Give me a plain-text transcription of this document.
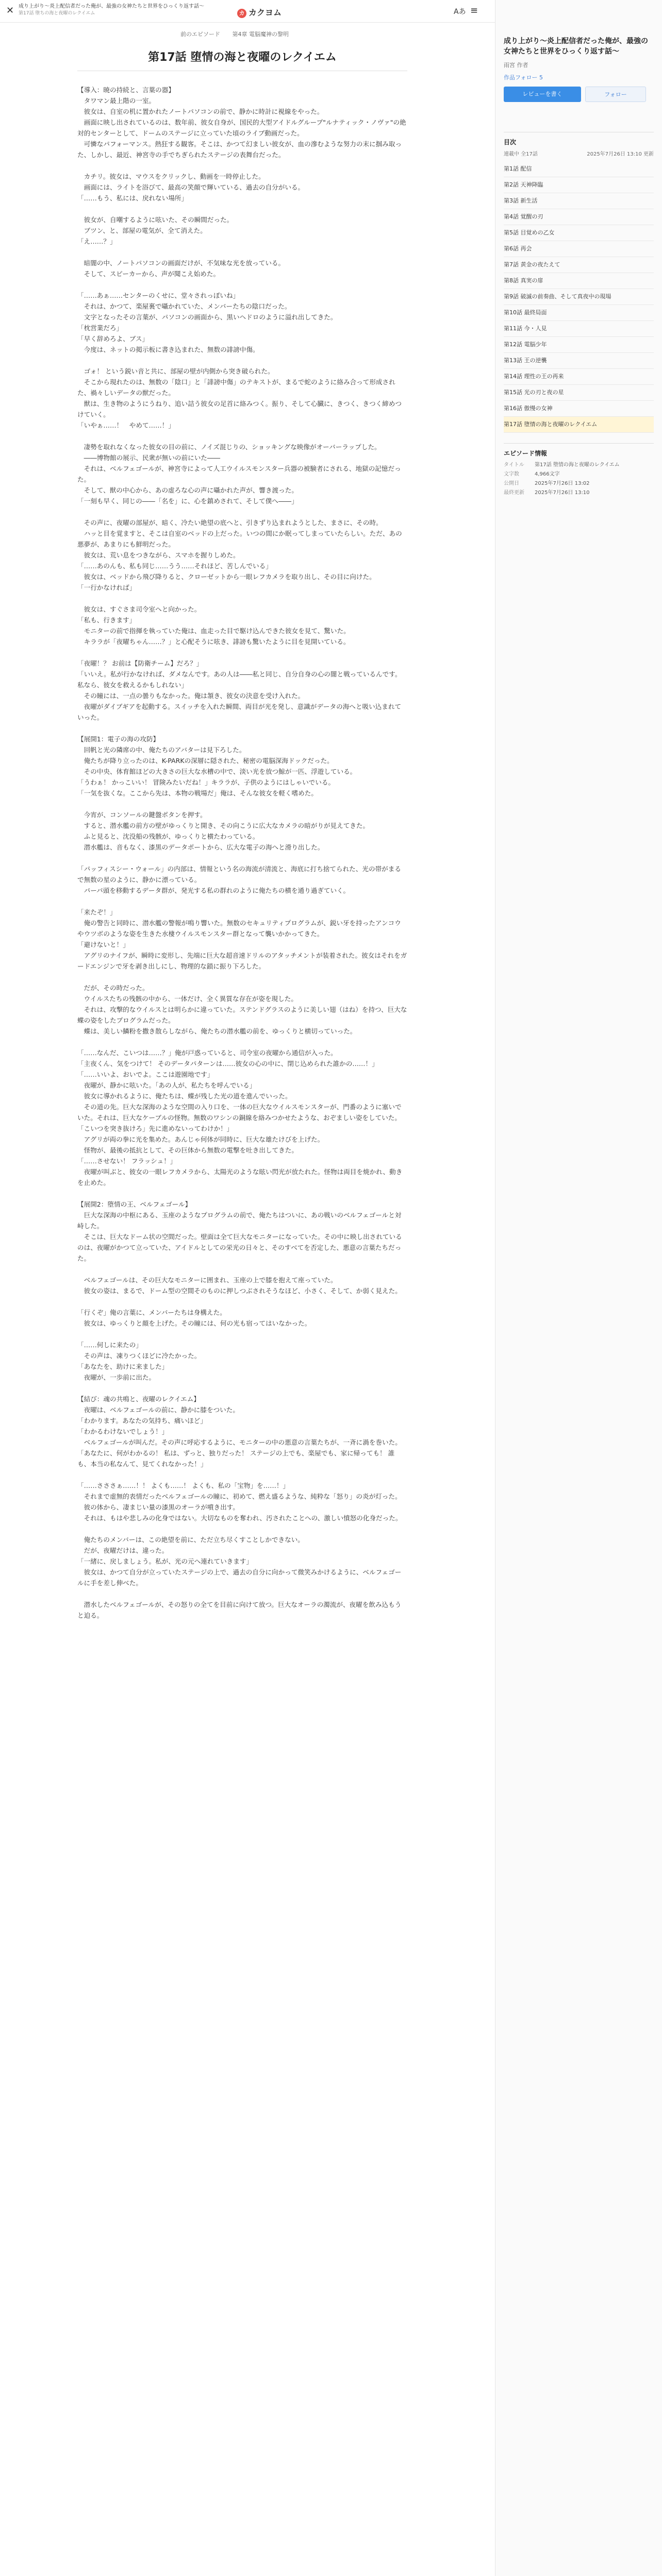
✕ 成り上がり〜炎上配信者だった俺が、最強の女神たちと世界をひっくり返す話〜
第17話 堕ちの海と夜曜のレクイエム	カ カクヨム	Aあ ≡
前のエピソード 第4章 電脳魔神の黎明
第17話 堕情の海と夜曜のレクイエム

【導入：暁の持続と、言葉の器】

　タワマン最上階の一室。

　彼女は、自室の机に置かれたノートパソコンの前で、静かに時計に視線をやった。

　画面に映し出されているのは、数年前、彼女自身が、国民的大型アイドルグループ"ルナティック・ノヴァ"の絶対的センターとして、ドームのステージに立っていた頃のライブ動画だった。

　可憐なパフォーマンス。熱狂する観客。そこは、かつて幻ましい彼女が、血の滲むような努力の末に掴み取った、しかし、最近、神宮寺の手でちぎられたステージの表舞台だった。

　カチリ。彼女は、マウスをクリックし、動画を一時停止した。

　画面には、ライトを浴びて、最高の笑顔で輝いている、過去の自分がいる。

「……もう、私には、戻れない場所」

　彼女が、自嘲するように呟いた、その瞬間だった。

　ブツン、と、部屋の電気が、全て消えた。

「え……？」

　暗闇の中、ノートパソコンの画面だけが、不気味な光を放っている。

　そして、スピーカーから、声が聞こえ始めた。

「……あぁ……センターのくせに、堂々されっぽいね」

　それは、かつて、楽屋裏で囁かれていた、メンバーたちの陰口だった。

　文字となったその言葉が、パソコンの画面から、黒いヘドロのように溢れ出してきた。

「枕営業だろ」

「早く辞めろよ、ブス」

　今度は、ネットの掲示板に書き込まれた、無数の誹謗中傷。

　ゴォ！ という鋭い音と共に、部屋の壁が内側から突き破られた。

　そこから現れたのは、無数の「陰口」と「誹謗中傷」のテキストが、まるで蛇のように絡み合って形成された、禍々しいデータの獣だった。

　獣は、生き物のようにうねり、追い詰う彼女の足首に絡みつく。振り、そして心臓に、きつく、きつく締めつけていく。

「いやぁ……！　やめて……！」

　凄勢を取れなくなった彼女の目の前に、ノイズ混じりの、ショッキングな映像がオーバーラップした。

　――博物館の展示、民衆が無いの前にいた――

　それは、ベルフェゴールが、神宮寺によって人工ウイルスモンスター兵器の被験者にされる、地獄の記憶だった。

　そして、獣の中心から、あの虚ろな心の声に囁かれた声が、響き渡った。

「一刻も早く、同じの――「名を」に、心を鎮めされて、そして僕へ――」

　その声に、夜曜の部屋が、暗く、冷たい絶望の底へと、引きずり込まれようとした、まさに、その時。

　ハッと目を覚ますと、そこは自室のベッドの上だった。いつの間にか眠ってしまっていたらしい。ただ、あの悪夢が、あまりにも鮮明だった。

　彼女は、荒い息をつきながら、スマホを握りしめた。

「……あのんも、私も同じ……うう……それほど、苦しんでいる」

　彼女は、ベッドから飛び降りると、クローゼットから一眼レフカメラを取り出し、その目に向けた。

「一行かなければ」

　彼女は、すぐさま司令室へと向かった。

「私も、行きます」

　モニターの前で指揮を執っていた俺は、血走った目で駆け込んできた彼女を見て、驚いた。

　キララが「夜曜ちゃん……？」と心配そうに呟き、誹謗も驚いたように目を見開いている。

「夜曜！？ お前は【防衛チーム】だろ？」

「いいえ。私が行かなければ、ダメなんです。あの人は――私と同じ、自分自身の心の闇と戦っているんです。私なら、彼女を救えるかもしれない」

　その瞳には、一点の曇りもなかった。俺は頷き、彼女の決意を受け入れた。

　夜曜がダイブギアを起動する。スイッチを入れた瞬間、両目が光を発し、意識がデータの海へと吸い込まれていった。

【展開1：電子の海の攻防】

　回帆と光の隣席の中、俺たちのアバターは見下ろした。

　俺たちが降り立ったのは、K-PARKの深層に隠された、秘密の電脳深海ドックだった。

　その中央、体育館ほどの大きさの巨大な水槽の中で、淡い光を放つ鯨が一匹、浮遊している。

「うわぁ！ かっこいい！ 冒険みたいだね！」キララが、子供のようにはしゃいでいる。

「一気を抜くな。ここから先は、本物の戦場だ」俺は、そんな彼女を軽く嗜めた。

　今宵が、コンソールの鍵盤ボタンを押す。

　すると、潜水艦の前方の壁がゆっくりと開き、その向こうに広大なカメラの暗がりが見えてきた。

　ふと見ると、沈没船の残骸が、ゆっくりと横たわっている。

　潜水艦は、音もなく、漆黒のデータポートから、広大な電子の海へと滑り出した。

「パッフィスシー・ウォール」の内部は、情報という名の海流が清流と、海底に打ち捨てられた、光の帯がまるで無数の星のように、静かに漂っている。

　パーパ頭を移動するデータ群が、発光する私の群れのように俺たちの横を通り過ぎていく。

「来たぞ！」

　俺の警告と同時に、潜水艦の警報が鳴り響いた。無数のセキュリティプログラムが、鋭い牙を持ったアンコウやウツボのような姿を生きた水棲ウイルスモンスター群となって襲いかかってきた。

「避けないと！」

　アグリのナイフが、瞬時に変形し、先端に巨大な超音速ドリルのアタッチメントが装着された。彼女はそれをガードエンジンで牙を剥き出しにし、物理的な鎖に振り下ろした。

　だが、その時だった。

　ウイルスたちの残骸の中から、一体だけ、全く異質な存在が姿を現した。

　それは、攻撃的なウイルスとは明らかに違っていた。ステンドグラスのように美しい翅（はね）を持つ、巨大な蝶の姿をしたプログラムだった。

　蝶は、美しい鱗粉を撒き散らしながら、俺たちの潜水艦の前を、ゆっくりと横切っていった。

「……なんだ、こいつは……？」俺が戸惑っていると、司令室の夜曜から通信が入った。

「主夜くん、気をつけて！ そのデータパターンは……彼女の心の中に、閉じ込められた誰かの……！」

「……いいよ、おいでよ。ここは遊園地です」

　夜曜が、静かに呟いた。「あの人が、私たちを呼んでいる」

　彼女に導かれるように、俺たちは、蝶が残した光の道を進んでいった。

　その道の先。巨大な深海のような空間の入り口を、一体の巨大なウイルスモンスターが、門番のように塞いでいた。それは、巨大なケーブルの怪物。無数のワシンの銅線を絡みつかせたような、おぞましい姿をしていた。

「こいつを突き抜けろ」先に進めないってわけか！」

　アグリが両の拳に光を集めた。あんじゃ何体が同時に、巨大な雄たけびを上げた。

　怪物が、最後の抵抗として、その巨体から無数の電撃を吐き出してきた。

「……させない！ フラッシュ！」

　夜曜が叫ぶと、彼女の一眼レフカメラから、太陽光のような眩い閃光が放たれた。怪物は両目を焼かれ、動きを止めた。

【展開2：堕情の王、ベルフェゴール】

　巨大な深海の中枢にある、玉座のようなプログラムの前で、俺たちはついに、あの戦いのベルフェゴールと対峙した。

　そこは、巨大なドーム状の空間だった。壁面は全て巨大なモニターになっていた。その中に映し出されているのは、夜曜がかつて立っていた、アイドルとしての栄光の日々と、そのすべてを否定した、悪意の言葉たちだった。

　ベルフェゴールは、その巨大なモニターに囲まれ、玉座の上で膝を抱えて座っていた。

　彼女の姿は、まるで、ドーム型の空間そのものに押しつぶされそうなほど、小さく、そして、か弱く見えた。

「行くぞ」俺の言葉に、メンバーたちは身構えた。

　彼女は、ゆっくりと顔を上げた。その瞳には、何の光も宿ってはいなかった。

「……何しに来たの」

　その声は、凍りつくほどに冷たかった。

「あなたを、助けに来ました」

　夜曜が、一歩前に出た。

【結び：魂の共鳴と、夜曜のレクイエム】

　夜曜は、ベルフェゴールの前に、静かに膝をついた。

「わかります。あなたの気持ち、痛いほど」

「わかるわけないでしょう！」

　ベルフェゴールが叫んだ。その声に呼応するように、モニターの中の悪意の言葉たちが、一斉に渦を巻いた。

「あなたに、何がわかるの！ 私は、ずっと、独りだった！ ステージの上でも、楽屋でも、家に帰っても！ 誰も、本当の私なんて、見てくれなかった！」

「……さささぁ……！！ よくも……！ よくも、私の「宝物」を……！」

　それまで虚無的表情だったベルフェゴールの瞳に、初めて、燃え盛るような、純粋な「怒り」の炎が灯った。

　彼の体から、凄まじい量の漆黒のオーラが噴き出す。

　それは、もはや悲しみの化身ではない。大切なものを奪われ、汚されたことへの、激しい憤怒の化身だった。

　俺たちのメンバーは、この絶望を前に、ただ立ち尽くすことしかできない。

　だが、夜曜だけは、違った。

「一緒に、戻しましょう。私が、光の元へ連れていきます」

　彼女は、かつて自分が立っていたステージの上で、過去の自分に向かって微笑みかけるように、ベルフェゴールに手を差し伸べた。

　潜水したベルフェゴールが、その怒りの全てを目前に向けて放つ。巨大なオーラの濁流が、夜曜を飲み込もうと迫る。

成り上がり〜炎上配信者だった俺が、最強の女神たちと世界をひっくり返す話〜
雨宮 作者
作品フォロー 5
レビューを書く	フォロー
目次
連載中 全17話	2025年7月26日 13:10 更新
第1話 配信
第2話 天神降臨
第3話 新生活
第4話 覚醒の刃
第5話 目覚めの乙女
第6話 再会
第7話 黄金の夜たえて
第8話 真実の扉
第9話 破滅の前奏曲、そして真夜中の現場
第10話 最終局面
第11話 今・人見
第12話 電脳少年
第13話 王の逆襲
第14話 理性の王の再来
第15話 光の刃と夜の星
第16話 傲慢の女神
第17話 堕情の海と夜曜のレクイエム
エピソード情報
タイトル	第17話 堕情の海と夜曜のレクイエム
文字数	4,966文字
公開日	2025年7月26日 13:02
最終更新	2025年7月26日 13:10
